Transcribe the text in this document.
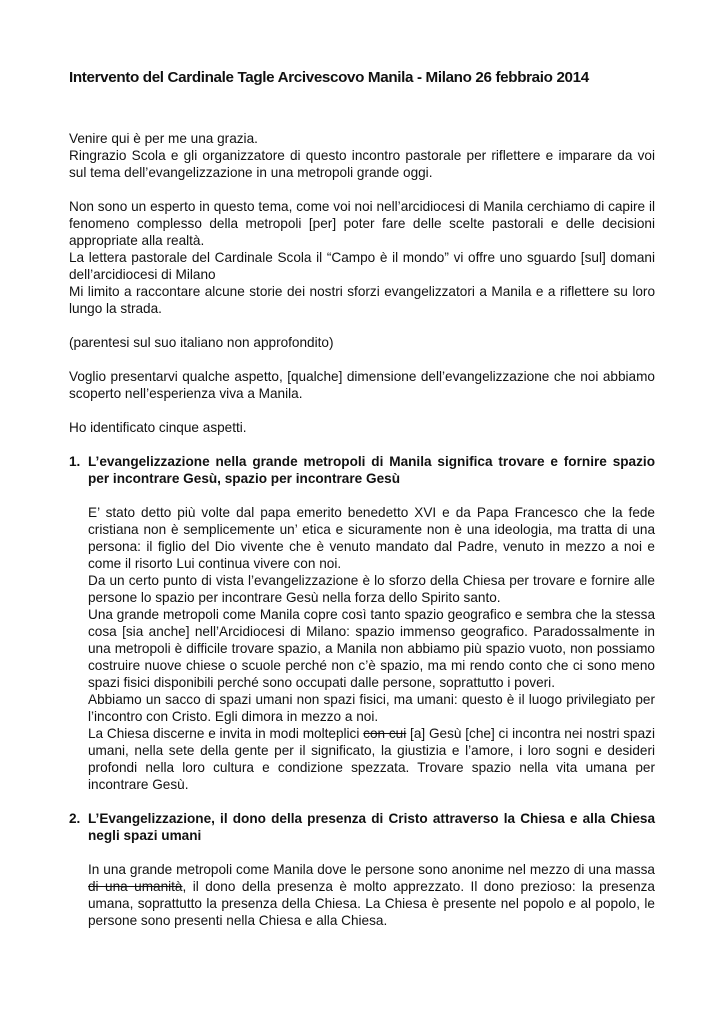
Intervento del Cardinale Tagle Arcivescovo Manila - Milano 26 febbraio 2014

Venire qui è per me una grazia.

Ringrazio Scola e gli organizzatore di questo incontro pastorale per riflettere e imparare da voi sul tema dell’evangelizzazione in una metropoli grande oggi.

Non sono un esperto in questo tema, come voi noi nell’arcidiocesi di Manila cerchiamo di capire il fenomeno complesso della metropoli [per] poter fare delle scelte pastorali e delle decisioni appropriate alla realtà.

La lettera pastorale del Cardinale Scola il “Campo è il mondo” vi offre uno sguardo [sul] domani dell’arcidiocesi di Milano

Mi limito a raccontare alcune storie dei nostri sforzi evangelizzatori a Manila e a riflettere su loro lungo la strada.

(parentesi sul suo italiano non approfondito)

Voglio presentarvi qualche aspetto, [qualche] dimensione dell’evangelizzazione che noi abbiamo scoperto nell’esperienza viva a Manila.

Ho identificato cinque aspetti.

1. L’evangelizzazione nella grande metropoli di Manila significa trovare e fornire spazio per incontrare Gesù, spazio per incontrare Gesù

E’ stato detto più volte dal papa emerito benedetto XVI e da Papa Francesco che la fede cristiana non è semplicemente un’ etica e sicuramente non è una ideologia, ma tratta di una persona: il figlio del Dio vivente che è venuto mandato dal Padre, venuto in mezzo a noi e come il risorto Lui continua vivere con noi.

Da un certo punto di vista l’evangelizzazione è lo sforzo della Chiesa per trovare e fornire alle persone lo spazio per incontrare Gesù nella forza dello Spirito santo.

Una grande metropoli come Manila copre così tanto spazio geografico e sembra che la stessa cosa [sia anche] nell’Arcidiocesi di Milano: spazio immenso geografico. Paradossalmente in una metropoli è difficile trovare spazio, a Manila non abbiamo più spazio vuoto, non possiamo costruire nuove chiese o scuole perché non c’è spazio, ma mi rendo conto che ci sono meno spazi fisici disponibili perché sono occupati dalle persone, soprattutto i poveri.

Abbiamo un sacco di spazi umani non spazi fisici, ma umani: questo è il luogo privilegiato per l’incontro con Cristo. Egli dimora in mezzo a noi.

La Chiesa discerne e invita in modi molteplici con cui [a] Gesù [che] ci incontra nei nostri spazi umani, nella sete della gente per il significato, la giustizia e l’amore, i loro sogni e desideri profondi nella loro cultura e condizione spezzata. Trovare spazio nella vita umana per incontrare Gesù.

2. L’Evangelizzazione, il dono della presenza di Cristo attraverso la Chiesa e alla Chiesa negli spazi umani

In una grande metropoli come Manila dove le persone sono anonime nel mezzo di una massa di una umanità, il dono della presenza è molto apprezzato. Il dono prezioso: la presenza umana, soprattutto la presenza della Chiesa. La Chiesa è presente nel popolo e al popolo, le persone sono presenti nella Chiesa e alla Chiesa.
